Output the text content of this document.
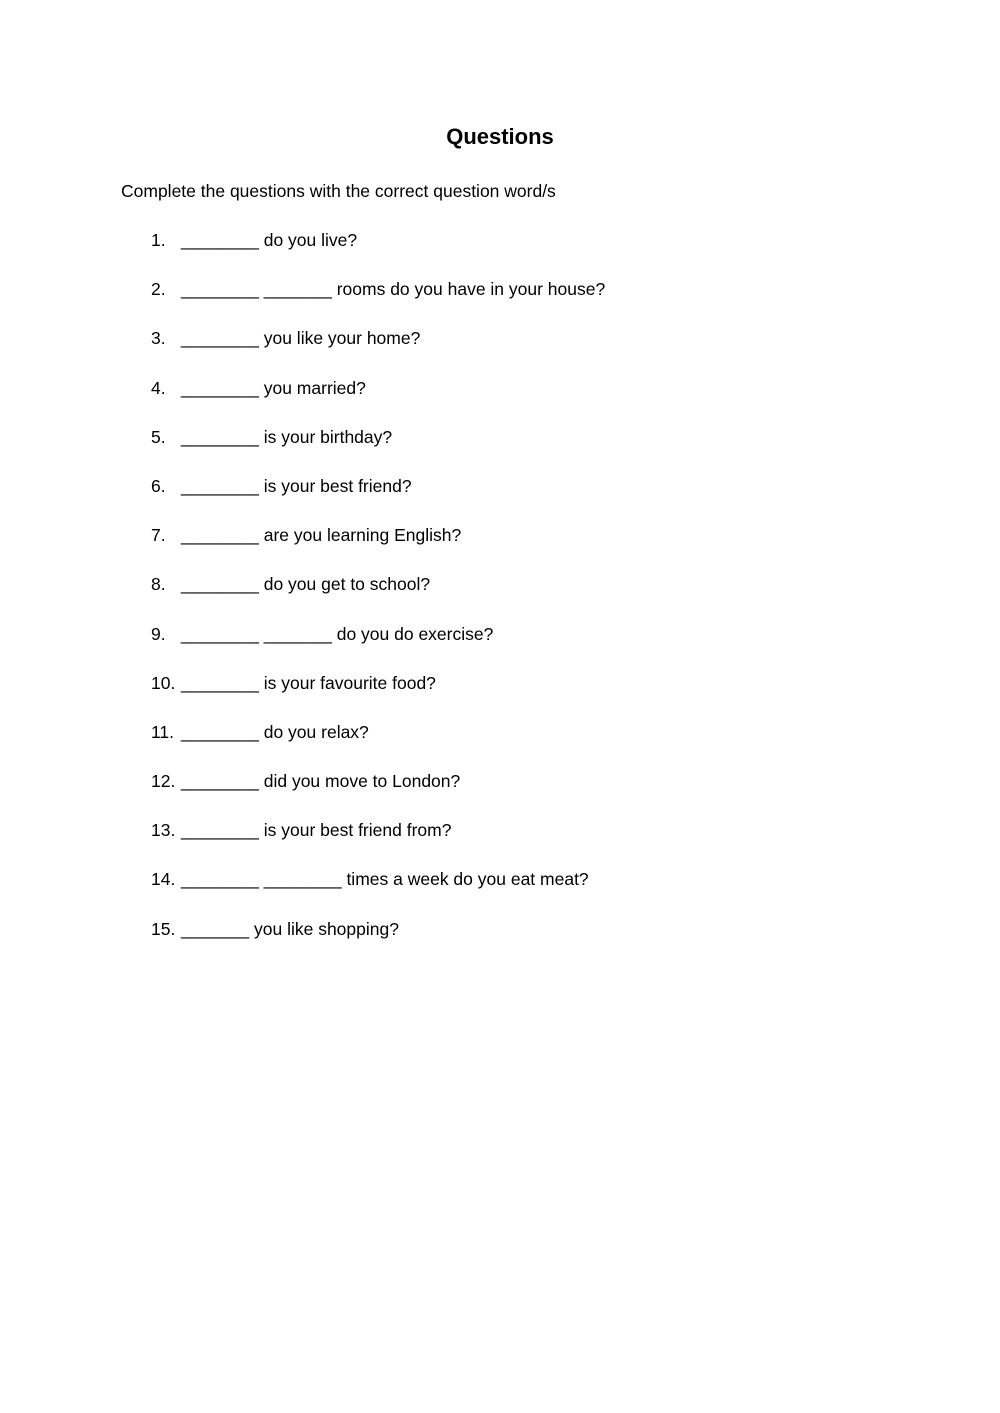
Questions

Complete the questions with the correct question word/s

1. ________ do you live?
2. ________ _______ rooms do you have in your house?
3. ________ you like your home?
4. ________ you married?
5. ________ is your birthday?
6. ________ is your best friend?
7. ________ are you learning English?
8. ________ do you get to school?
9. ________ _______ do you do exercise?
10. ________ is your favourite food?
11. ________ do you relax?
12. ________ did you move to London?
13. ________ is your best friend from?
14. ________ ________ times a week do you eat meat?
15. _______ you like shopping?
